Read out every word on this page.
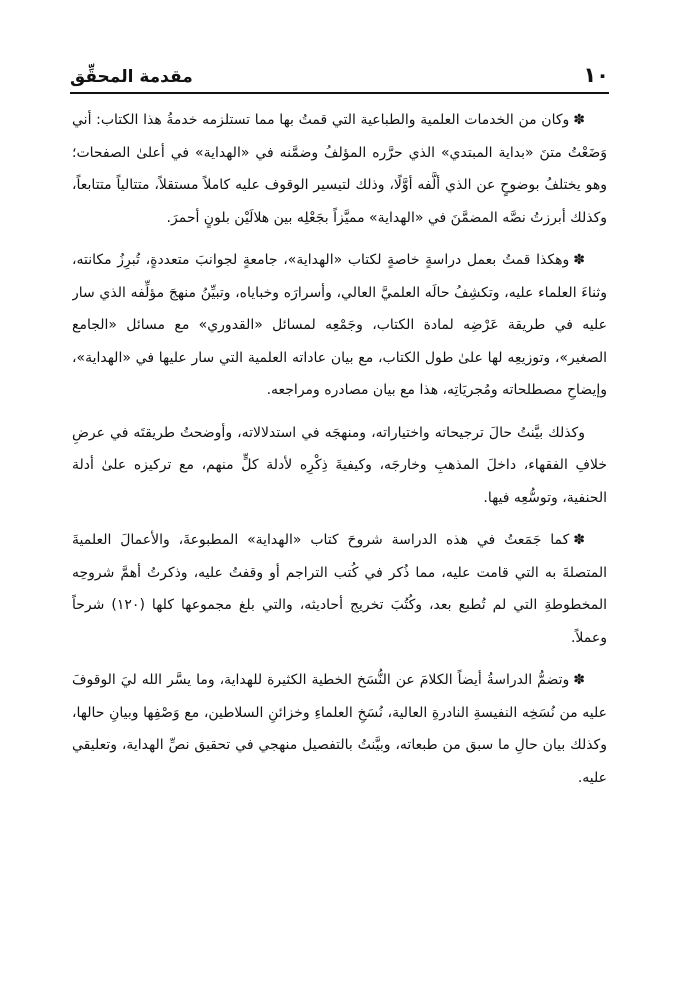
١٠
مقدمة المحقِّق

✽وكان من الخدمات العلمية والطباعية التي قمتُ بها مما تستلزمه خدمةُ هذا الكتاب: أني وَضَعْتُ متنَ «بداية المبتدي» الذي حرَّره المؤلفُ وضمَّنه في «الهداية» في أعلىٰ الصفحات؛ وهو يختلفُ بوضوحٍ عن الذي ألَّفه أوَّلًا، وذلك لتيسير الوقوف عليه كاملاً مستقلاً، متتالياً متتابعاً، وكذلك أبرزتُ نصَّه المضمَّنَ في «الهداية» مميَّزاً بجَعْلِه بين هلالَيْن بلونٍ أحمرَ.

✽وهكذا قمتُ بعمل دراسةٍ خاصةٍ لكتاب «الهداية»، جامعةٍ لجوانبَ متعددةٍ، تُبرِزُ مكانته، وثناءَ العلماء عليه، وتكشِفُ حالَه العلميَّ العالي، وأسرارَه وخباياه، وتبيِّنُ منهجَ مؤلِّفه الذي سار عليه في طريقة عَرْضِه لمادة الكتاب، وجَمْعِه لمسائل «القدوري» مع مسائل «الجامع الصغير»، وتوزيعِه لها علىٰ طول الكتاب، مع بيان عاداته العلمية التي سار عليها في «الهداية»، وإيضاحِ مصطلحاته ومُجريَاتِه، هذا مع بيان مصادره ومراجعه.

وكذلك بيَّنتُ حالَ ترجيحاته واختياراته، ومنهجَه في استدلالاته، وأوضحتُ طريقتَه في عرضِ خلافِ الفقهاء، داخلَ المذهبِ وخارجَه، وكيفيةَ ذِكْرِه لأدلة كلٍّ منهم، مع تركيزه علىٰ أدلة الحنفية، وتوسُّعِه فيها.

✽كما جَمَعتُ في هذه الدراسة شروحَ كتاب «الهداية» المطبوعةَ، والأعمالَ العلميةَ المتصلةَ به التي قامت عليه، مما ذُكر في كُتب التراجم أو وقفتُ عليه، وذكرتُ أهمَّ شروحِه المخطوطةِ التي لم تُطبع بعد، وكُتُبَ تخريج أحاديثه، والتي بلغ مجموعها كلها (١٢٠) شرحاً وعملاً.

✽وتضمُّ الدراسةُ أيضاً الكلامَ عن النُّسَخ الخطية الكثيرة للهداية، وما يسَّر الله ليَ الوقوفَ عليه من نُسَخِه النفيسةِ النادرةِ العالية، نُسَخِ العلماءِ وخزائنِ السلاطين، مع وَصْفِها وبيانِ حالها، وكذلك بيان حالِ ما سبق من طبعاته، وبيَّنتُ بالتفصيل منهجي في تحقيق نصِّ الهداية، وتعليقي عليه.
